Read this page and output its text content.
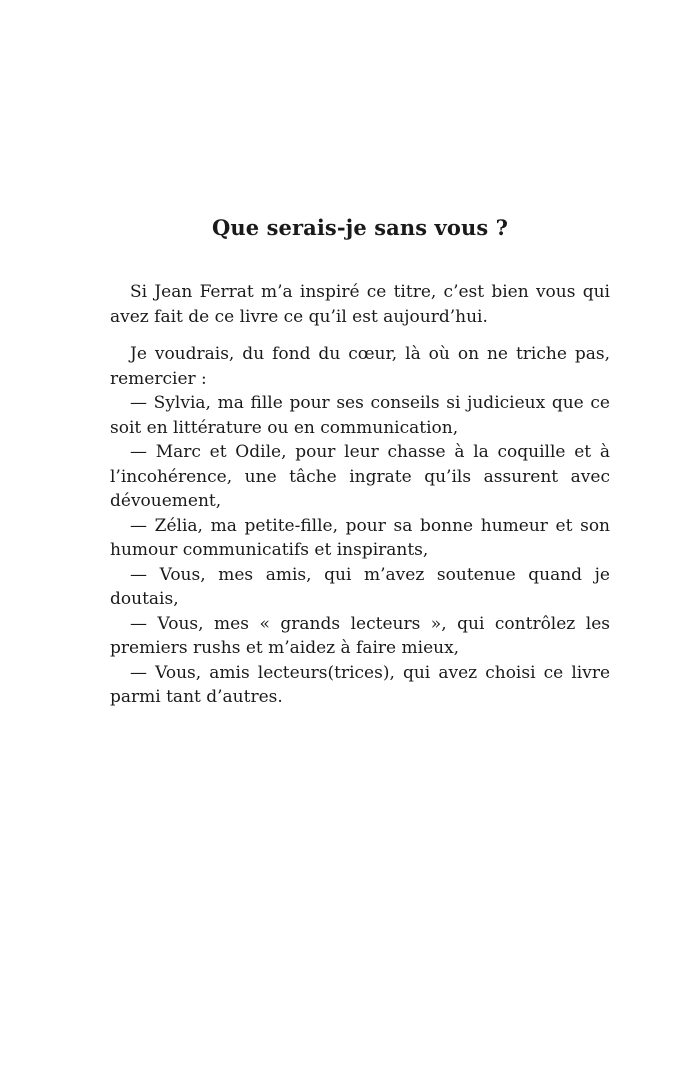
Que serais-je sans vous ?

Si Jean Ferrat m’a inspiré ce titre, c’est bien vous qui avez fait de ce livre ce qu’il est aujourd’hui.

Je voudrais, du fond du cœur, là où on ne triche pas, remercier :

— Sylvia, ma fille pour ses conseils si judicieux que ce soit en littérature ou en communication,

— Marc et Odile, pour leur chasse à la coquille et à l’incohérence, une tâche ingrate qu’ils assurent avec dévouement,

— Zélia, ma petite-fille, pour sa bonne humeur et son humour communicatifs et inspirants,

— Vous, mes amis, qui m’avez soutenue quand je doutais,

— Vous, mes « grands lecteurs », qui contrôlez les premiers rushs et m’aidez à faire mieux,

— Vous, amis lecteurs(trices), qui avez choisi ce livre parmi tant d’autres.
